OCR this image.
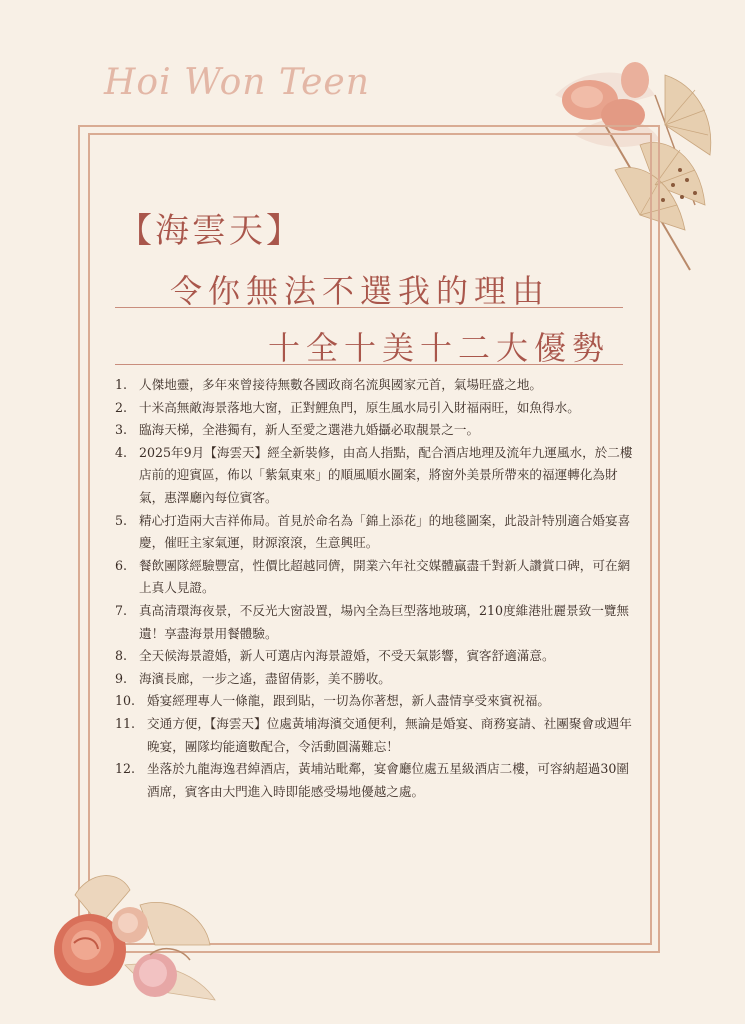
Hoi Won Teen
【海雲天】
令你無法不選我的理由
十全十美十二大優勢
1. 人傑地靈，多年來曾接待無數各國政商名流與國家元首，氣場旺盛之地。
2. 十米高無敵海景落地大窗，正對鯉魚門，原生風水局引入財福兩旺，如魚得水。
3. 臨海天梯，全港獨有，新人至愛之選港九婚攝必取靚景之一。
4. 2025年9月【海雲天】經全新裝修，由高人指點，配合酒店地理及流年九運風水，於二樓店前的迎賓區，佈以「紫氣東來」的順風順水圖案，將窗外美景所帶來的福運轉化為財氣，惠澤廳內每位賓客。
5. 精心打造兩大吉祥佈局。首見於命名為「錦上添花」的地毯圖案，此設計特別適合婚宴喜慶，催旺主家氣運，財源滾滾，生意興旺。
6. 餐飲團隊經驗豐富，性價比超越同儕，開業六年社交媒體贏盡千對新人讚賞口碑，可在網上真人見證。
7. 真高清環海夜景，不反光大窗設置，場內全為巨型落地玻璃，210度維港壯麗景致一覽無遺！享盡海景用餐體驗。
8. 全天候海景證婚，新人可選店內海景證婚，不受天氣影響，賓客舒適滿意。
9. 海濱長廊，一步之遙，盡留倩影，美不勝收。
10. 婚宴經理專人一條龍，跟到貼，一切為你著想，新人盡情享受來賓祝福。
11. 交通方便，【海雲天】位處黃埔海濱交通便利，無論是婚宴、商務宴請、社團聚會或週年晚宴，團隊均能適數配合，令活動圓滿難忘！
12. 坐落於九龍海逸君綽酒店，黃埔站毗鄰，宴會廳位處五星級酒店二樓，可容納超過30圍酒席，賓客由大門進入時即能感受場地優越之處。
